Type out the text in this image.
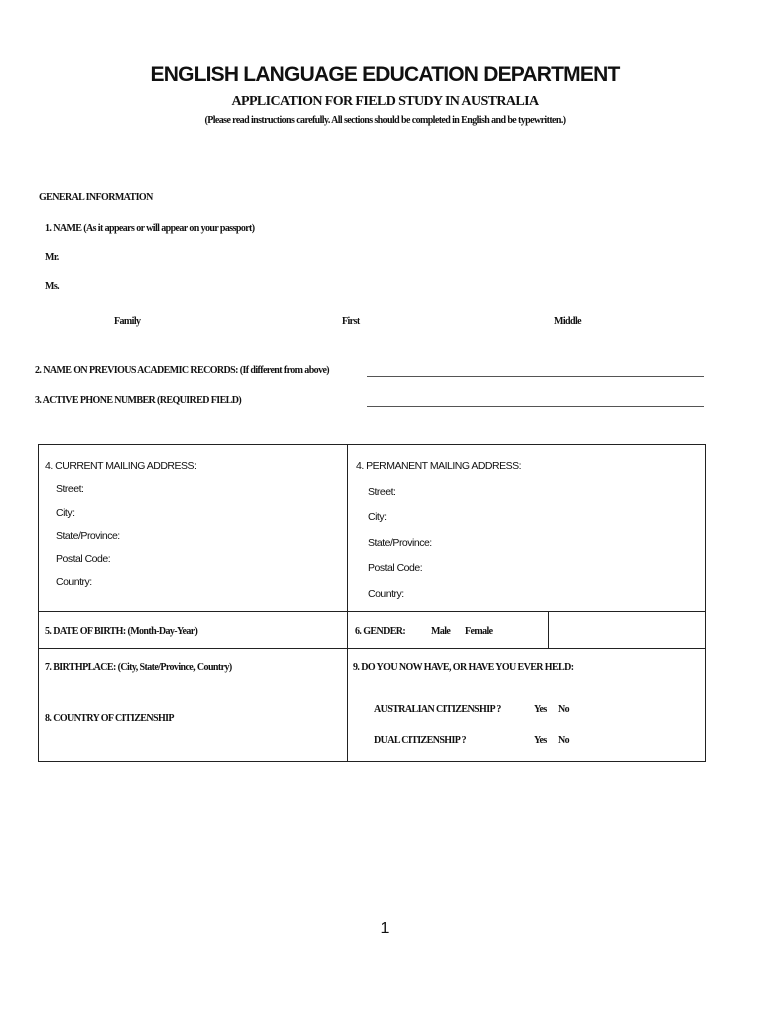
ENGLISH LANGUAGE EDUCATION DEPARTMENT
APPLICATION FOR FIELD STUDY IN AUSTRALIA
(Please read instructions carefully. All sections should be completed in English and be typewritten.)
GENERAL INFORMATION
1. NAME (As it appears or will appear on your passport)
Mr.
Ms.
Family	First	Middle
2. NAME ON PREVIOUS ACADEMIC RECORDS: (If different from above)
3. ACTIVE PHONE NUMBER (REQUIRED FIELD)
4. CURRENT MAILING ADDRESS:
Street:
City:
State/Province:
Postal Code:
Country:
4. PERMANENT MAILING ADDRESS:
Street:
City:
State/Province:
Postal Code:
Country:
5. DATE OF BIRTH: (Month-Day-Year)	6. GENDER:	Male Female
7. BIRTHPLACE: (City, State/Province, Country)
8. COUNTRY OF CITIZENSHIP
9. DO YOU NOW HAVE, OR HAVE YOU EVER HELD:
AUSTRALIAN CITIZENSHIP ?	Yes No
DUAL CITIZENSHIP ?	Yes No
1
